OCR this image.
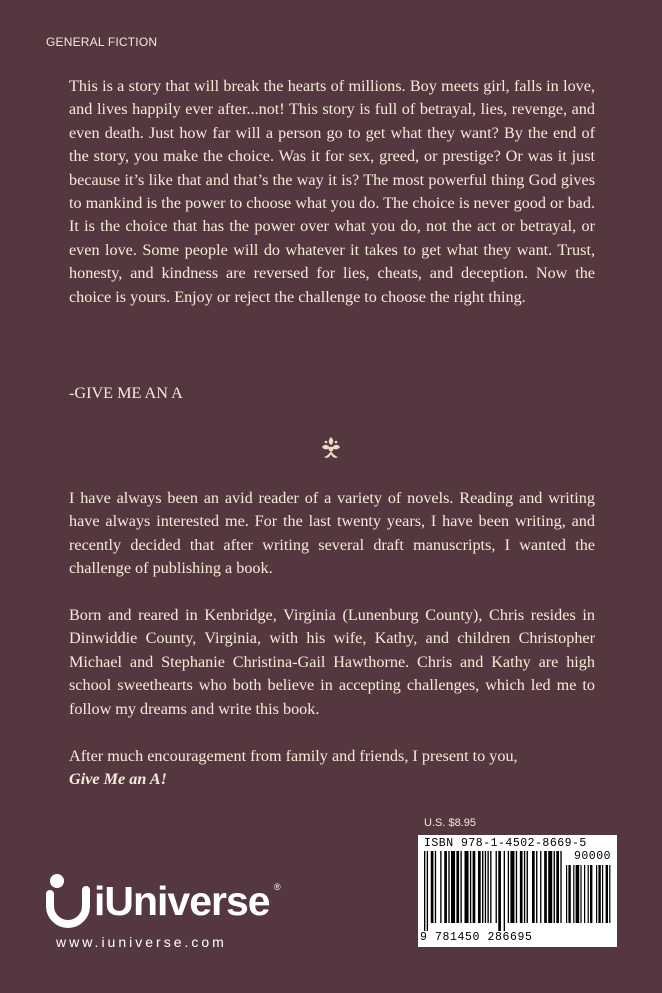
GENERAL FICTION

This is a story that will break the hearts of millions. Boy meets girl, falls in love, and lives happily ever after...not! This story is full of betrayal, lies, revenge, and even death. Just how far will a person go to get what they want? By the end of the story, you make the choice. Was it for sex, greed, or prestige? Or was it just because it’s like that and that’s the way it is? The most powerful thing God gives to mankind is the power to choose what you do. The choice is never good or bad. It is the choice that has the power over what you do, not the act or betrayal, or even love. Some people will do whatever it takes to get what they want. Trust, honesty, and kindness are reversed for lies, cheats, and deception. Now the choice is yours. Enjoy or reject the challenge to choose the right thing.

-GIVE ME AN A

I have always been an avid reader of a variety of novels. Reading and writing have always interested me. For the last twenty years, I have been writing, and recently decided that after writing several draft manuscripts, I wanted the challenge of publishing a book.

Born and reared in Kenbridge, Virginia (Lunenburg County), Chris resides in Dinwiddie County, Virginia, with his wife, Kathy, and children Christopher Michael and Stephanie Christina-Gail Hawthorne. Chris and Kathy are high school sweethearts who both believe in accepting challenges, which led me to follow my dreams and write this book.

After much encouragement from family and friends, I present to you,
Give Me an A!

U.S. $8.95
ISBN 978-1-4502-8669-5
90000
9 781450 286695
iUniverse ®
www.iuniverse.com
